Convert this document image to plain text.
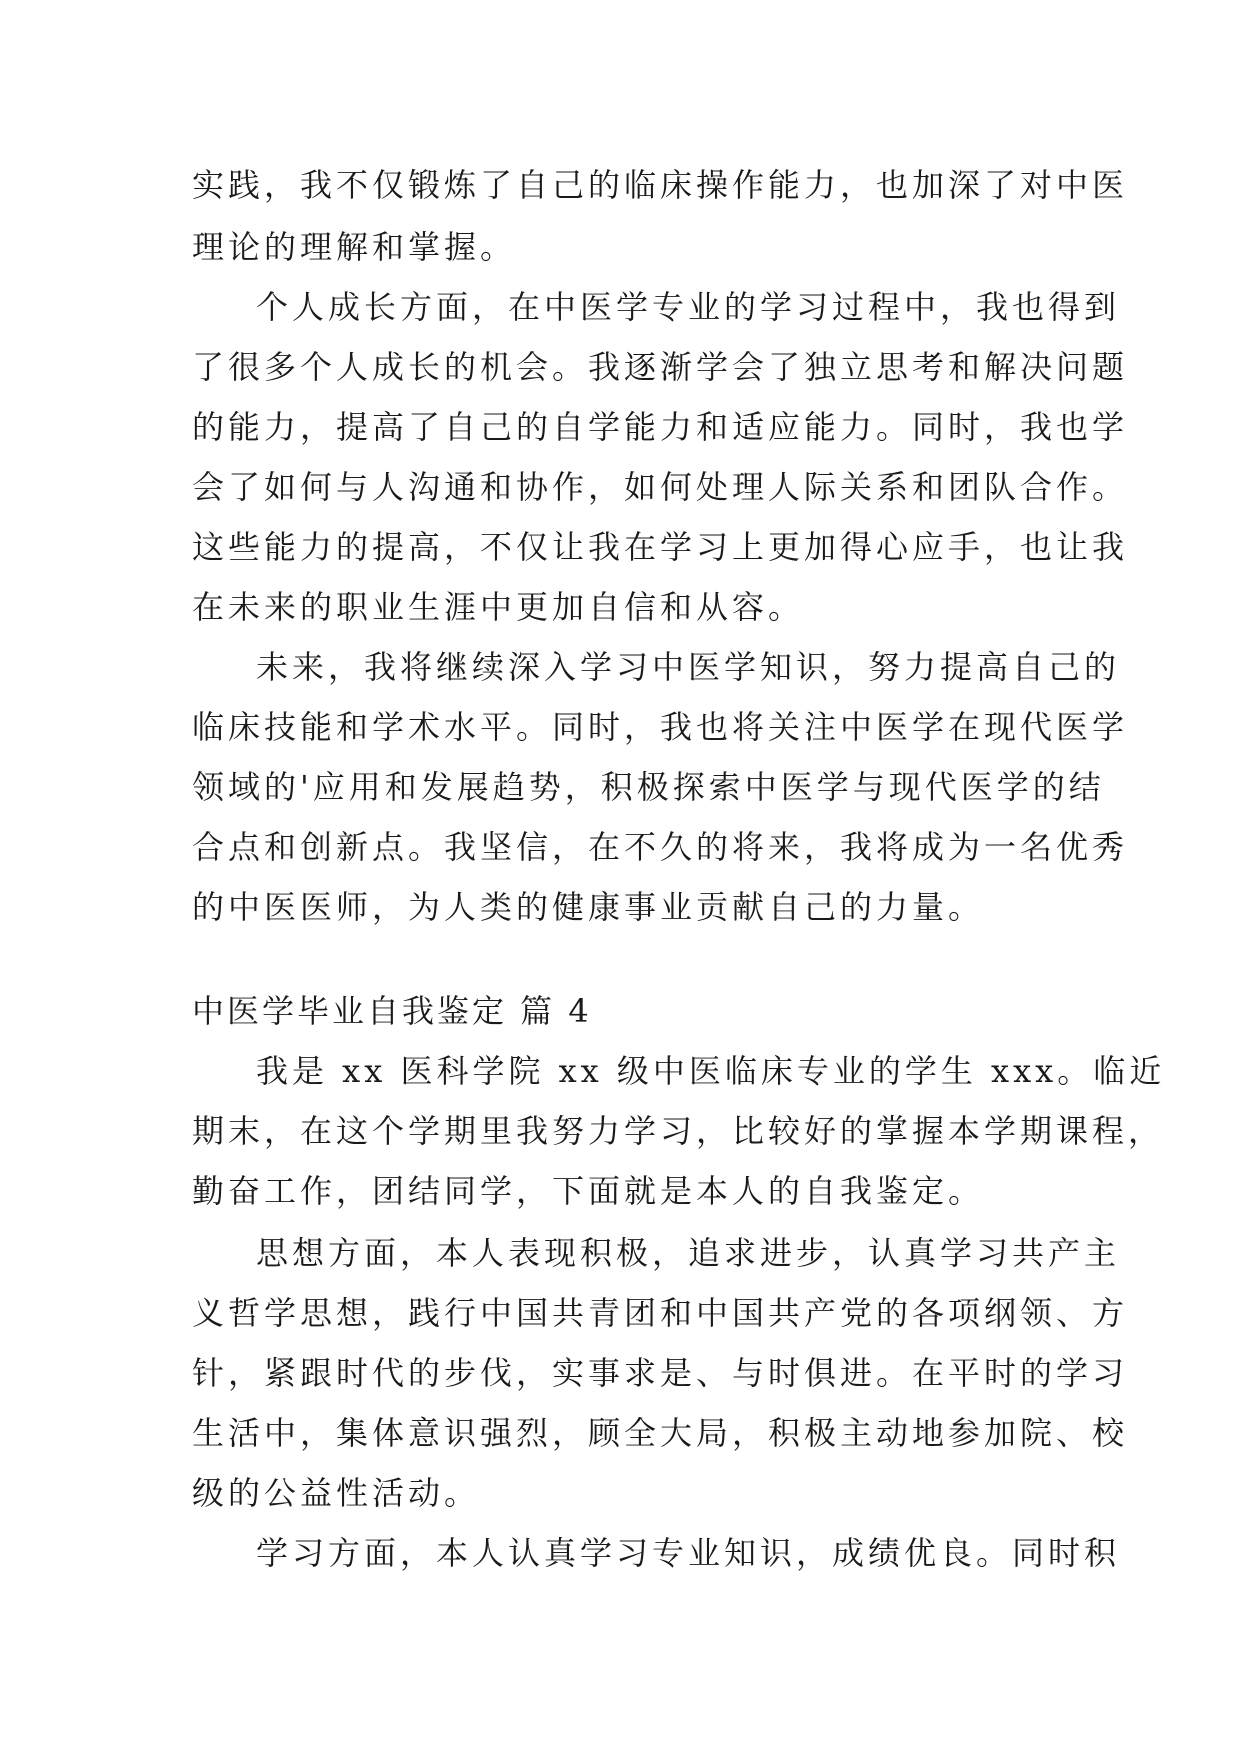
实践，我不仅锻炼了自己的临床操作能力，也加深了对中医
理论的理解和掌握。
个人成长方面，在中医学专业的学习过程中，我也得到
了很多个人成长的机会。我逐渐学会了独立思考和解决问题
的能力，提高了自己的自学能力和适应能力。同时，我也学
会了如何与人沟通和协作，如何处理人际关系和团队合作。
这些能力的提高，不仅让我在学习上更加得心应手，也让我
在未来的职业生涯中更加自信和从容。
未来，我将继续深入学习中医学知识，努力提高自己的
临床技能和学术水平。同时，我也将关注中医学在现代医学
领域的'应用和发展趋势，积极探索中医学与现代医学的结
合点和创新点。我坚信，在不久的将来，我将成为一名优秀
的中医医师，为人类的健康事业贡献自己的力量。
中医学毕业自我鉴定 篇 4
我是 xx 医科学院 xx 级中医临床专业的学生 xxx。临近
期末，在这个学期里我努力学习，比较好的掌握本学期课程，
勤奋工作，团结同学，下面就是本人的自我鉴定。
思想方面，本人表现积极，追求进步，认真学习共产主
义哲学思想，践行中国共青团和中国共产党的各项纲领、方
针，紧跟时代的步伐，实事求是、与时俱进。在平时的学习
生活中，集体意识强烈，顾全大局，积极主动地参加院、校
级的公益性活动。
学习方面，本人认真学习专业知识，成绩优良。同时积
